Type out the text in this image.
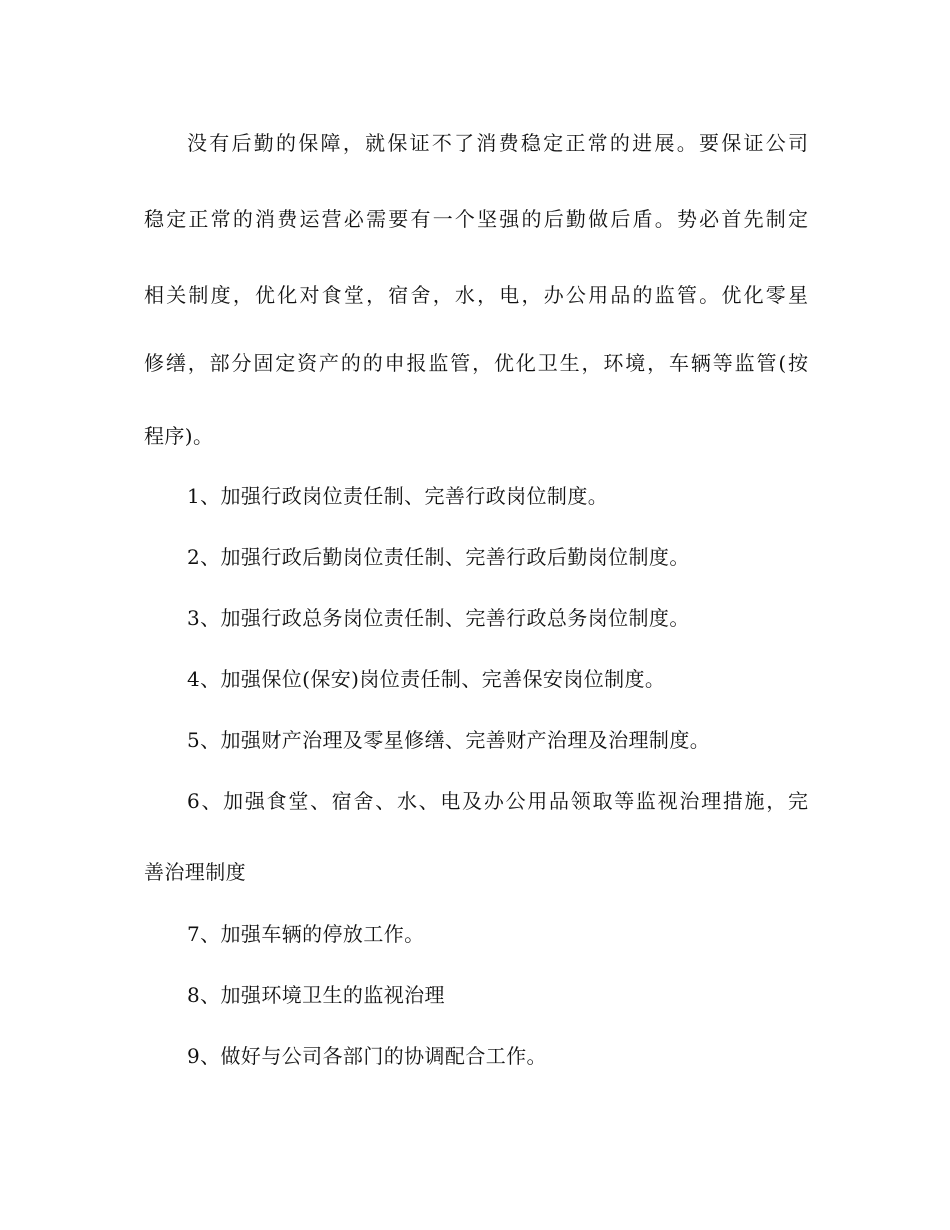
没有后勤的保障，就保证不了消费稳定正常的进展。要保证公司
稳定正常的消费运营必需要有一个坚强的后勤做后盾。势必首先制定
相关制度，优化对食堂，宿舍，水，电，办公用品的监管。优化零星
修缮，部分固定资产的的申报监管，优化卫生，环境，车辆等监管(按
程序)。
1、加强行政岗位责任制、完善行政岗位制度。
2、加强行政后勤岗位责任制、完善行政后勤岗位制度。
3、加强行政总务岗位责任制、完善行政总务岗位制度。
4、加强保位(保安)岗位责任制、完善保安岗位制度。
5、加强财产治理及零星修缮、完善财产治理及治理制度。
6、加强食堂、宿舍、水、电及办公用品领取等监视治理措施，完
善治理制度
7、加强车辆的停放工作。
8、加强环境卫生的监视治理
9、做好与公司各部门的协调配合工作。
